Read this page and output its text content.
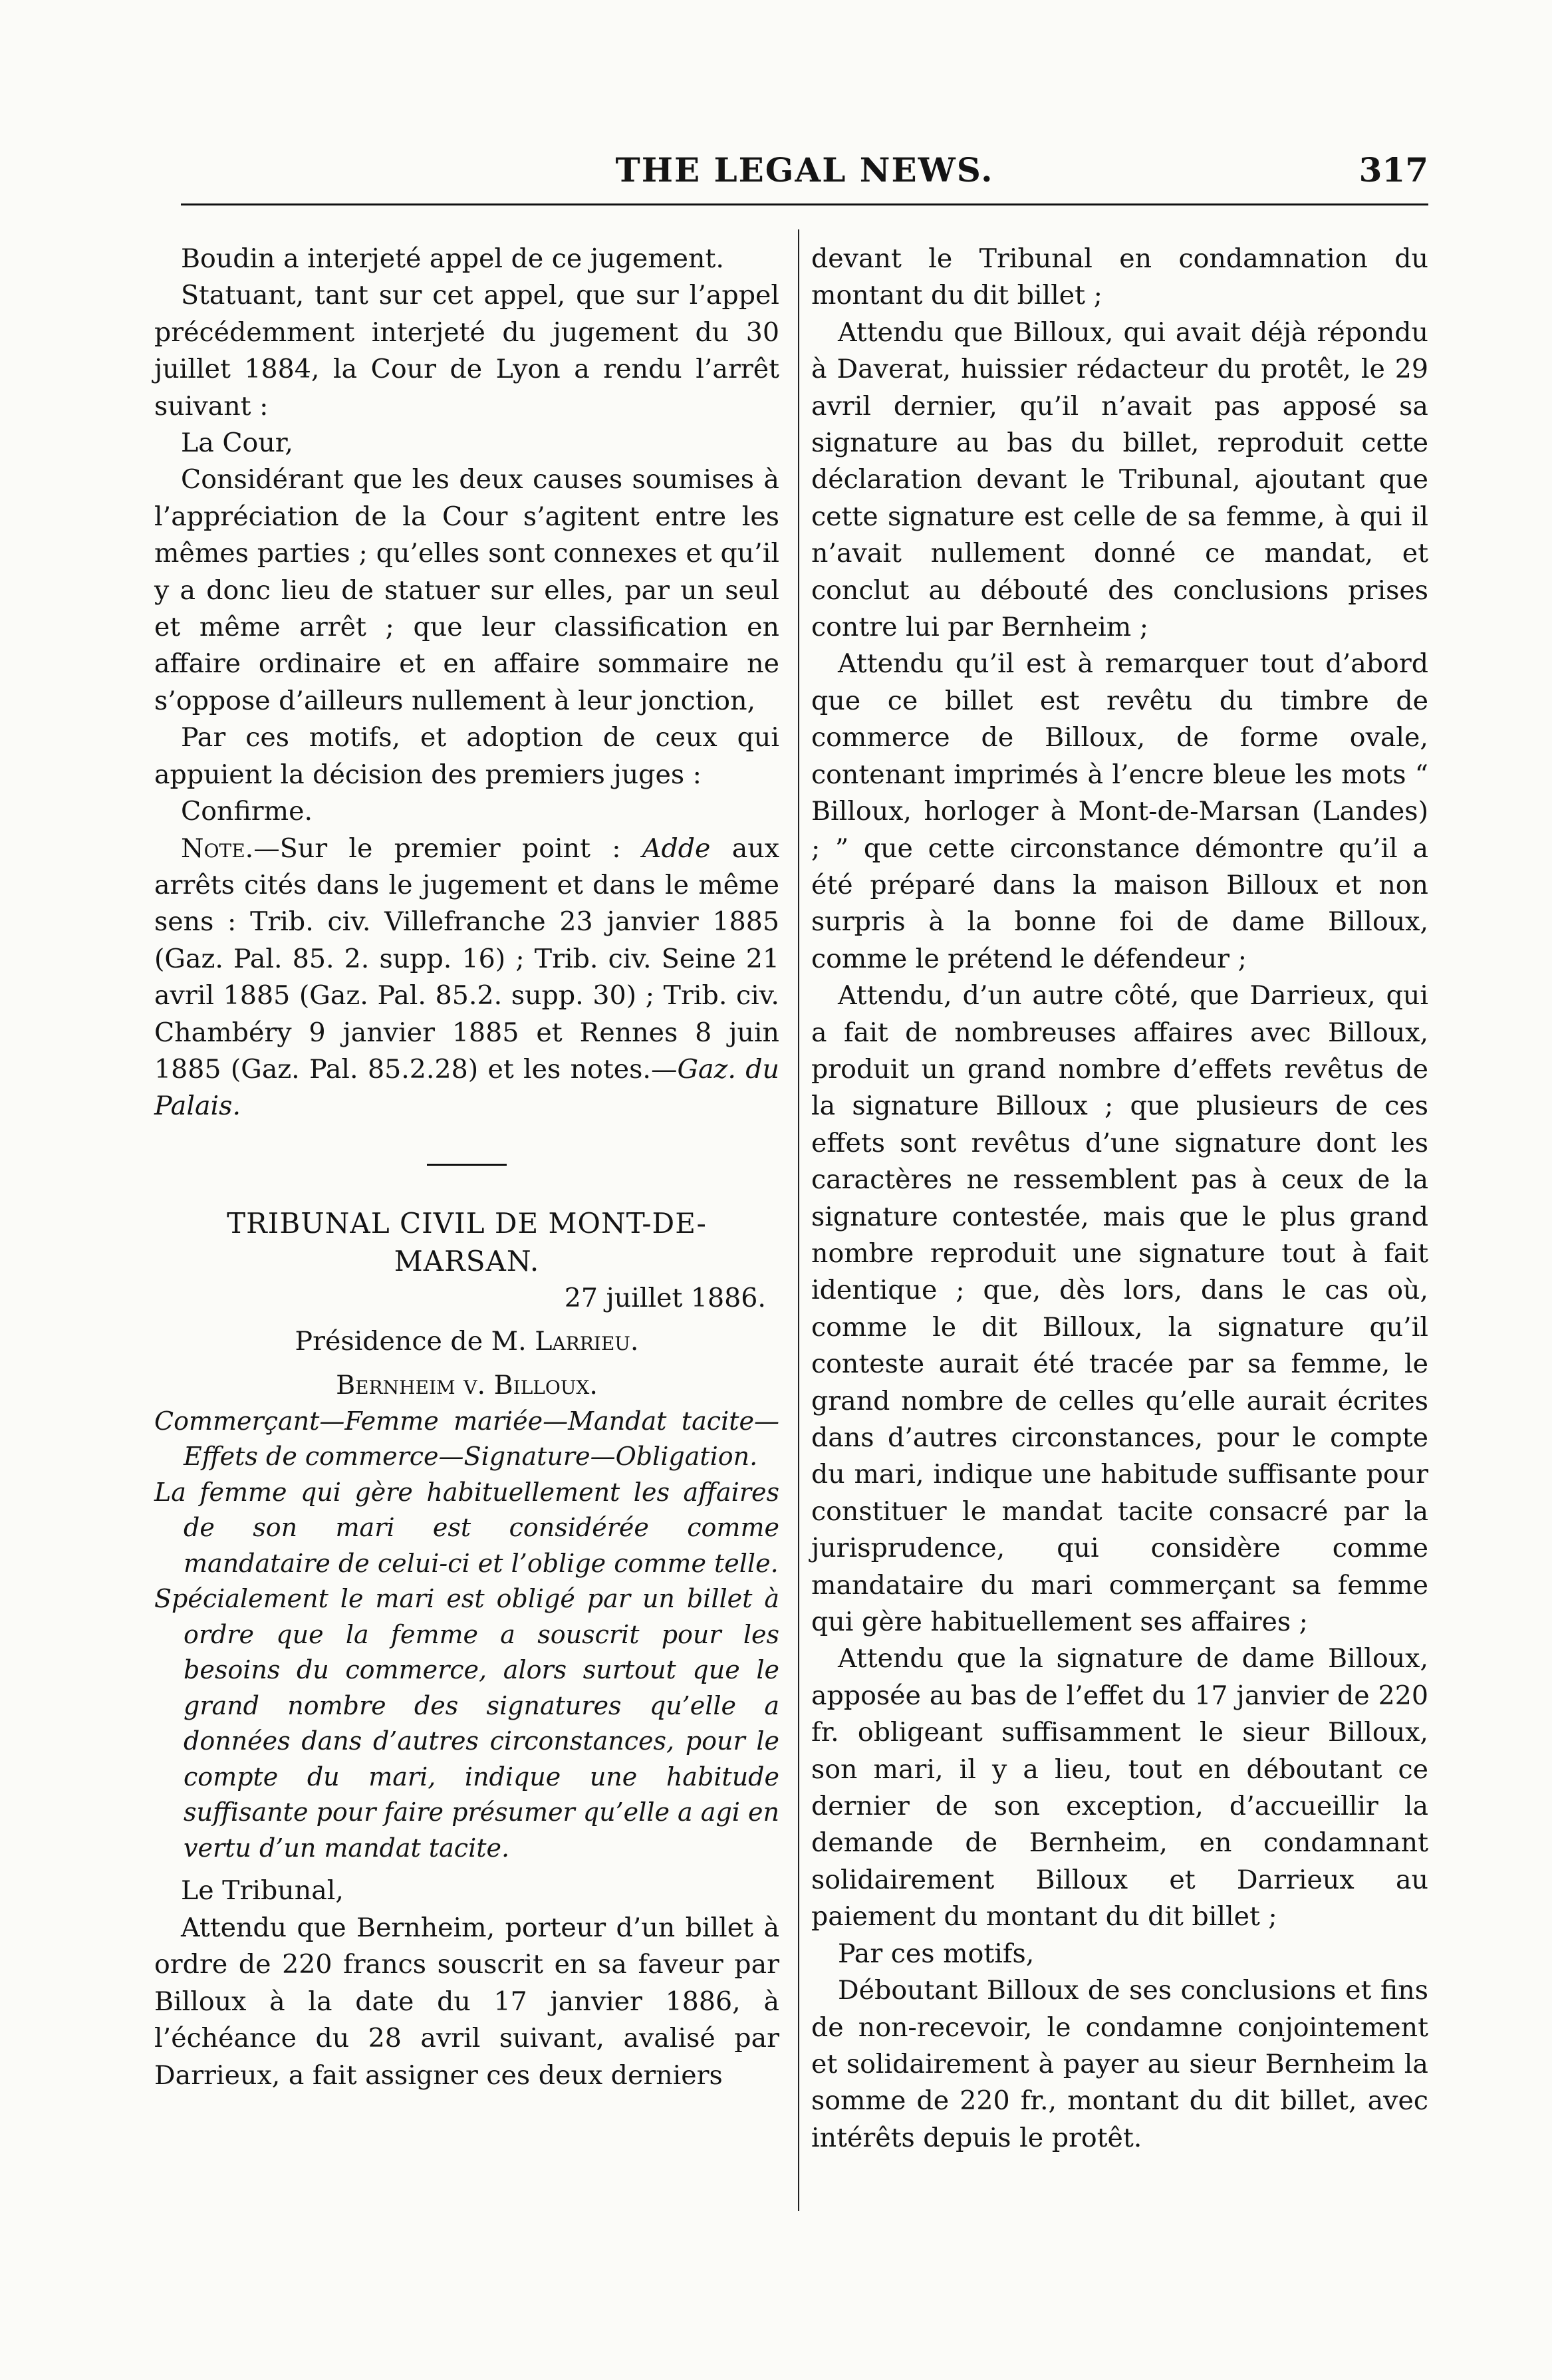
THE LEGAL NEWS.	317

Boudin a interjeté appel de ce jugement.

Statuant, tant sur cet appel, que sur l’appel précédemment interjeté du jugement du 30 juillet 1884, la Cour de Lyon a rendu l’arrêt suivant :

La Cour,

Considérant que les deux causes soumises à l’appréciation de la Cour s’agitent entre les mêmes parties ; qu’elles sont connexes et qu’il y a donc lieu de statuer sur elles, par un seul et même arrêt ; que leur classification en affaire ordinaire et en affaire sommaire ne s’oppose d’ailleurs nullement à leur jonction,

Par ces motifs, et adoption de ceux qui appuient la décision des premiers juges :

Confirme.

Note.—Sur le premier point : Adde aux arrêts cités dans le jugement et dans le même sens : Trib. civ. Villefranche 23 janvier 1885 (Gaz. Pal. 85. 2. supp. 16) ; Trib. civ. Seine 21 avril 1885 (Gaz. Pal. 85.2. supp. 30) ; Trib. civ. Chambéry 9 janvier 1885 et Rennes 8 juin 1885 (Gaz. Pal. 85.2.28) et les notes.—Gaz. du Palais.

TRIBUNAL CIVIL DE MONT-DE-
MARSAN.

27 juillet 1886.

Présidence de M. Larrieu.

Bernheim v. Billoux.

Commerçant—Femme mariée—Mandat tacite—Effets de commerce—Signature—Obligation.

La femme qui gère habituellement les affaires de son mari est considérée comme mandataire de celui-ci et l’oblige comme telle.

Spécialement le mari est obligé par un billet à ordre que la femme a souscrit pour les besoins du commerce, alors surtout que le grand nombre des signatures qu’elle a données dans d’autres circonstances, pour le compte du mari, indique une habitude suffisante pour faire présumer qu’elle a agi en vertu d’un mandat tacite.

Le Tribunal,

Attendu que Bernheim, porteur d’un billet à ordre de 220 francs souscrit en sa faveur par Billoux à la date du 17 janvier 1886, à l’échéance du 28 avril suivant, avalisé par Darrieux, a fait assigner ces deux derniers

devant le Tribunal en condamnation du montant du dit billet ;

Attendu que Billoux, qui avait déjà répondu à Daverat, huissier rédacteur du protêt, le 29 avril dernier, qu’il n’avait pas apposé sa signature au bas du billet, reproduit cette déclaration devant le Tribunal, ajoutant que cette signature est celle de sa femme, à qui il n’avait nullement donné ce mandat, et conclut au débouté des conclusions prises contre lui par Bernheim ;

Attendu qu’il est à remarquer tout d’abord que ce billet est revêtu du timbre de commerce de Billoux, de forme ovale, contenant imprimés à l’encre bleue les mots “ Billoux, horloger à Mont-de-Marsan (Landes) ; ” que cette circonstance démontre qu’il a été préparé dans la maison Billoux et non surpris à la bonne foi de dame Billoux, comme le prétend le défendeur ;

Attendu, d’un autre côté, que Darrieux, qui a fait de nombreuses affaires avec Billoux, produit un grand nombre d’effets revêtus de la signature Billoux ; que plusieurs de ces effets sont revêtus d’une signature dont les caractères ne ressemblent pas à ceux de la signature contestée, mais que le plus grand nombre reproduit une signature tout à fait identique ; que, dès lors, dans le cas où, comme le dit Billoux, la signature qu’il conteste aurait été tracée par sa femme, le grand nombre de celles qu’elle aurait écrites dans d’autres circonstances, pour le compte du mari, indique une habitude suffisante pour constituer le mandat tacite consacré par la jurisprudence, qui considère comme mandataire du mari commerçant sa femme qui gère habituellement ses affaires ;

Attendu que la signature de dame Billoux, apposée au bas de l’effet du 17 janvier de 220 fr. obligeant suffisamment le sieur Billoux, son mari, il y a lieu, tout en déboutant ce dernier de son exception, d’accueillir la demande de Bernheim, en condamnant solidairement Billoux et Darrieux au paiement du montant du dit billet ;

Par ces motifs,

Déboutant Billoux de ses conclusions et fins de non-recevoir, le condamne conjointement et solidairement à payer au sieur Bernheim la somme de 220 fr., montant du dit billet, avec intérêts depuis le protêt.
